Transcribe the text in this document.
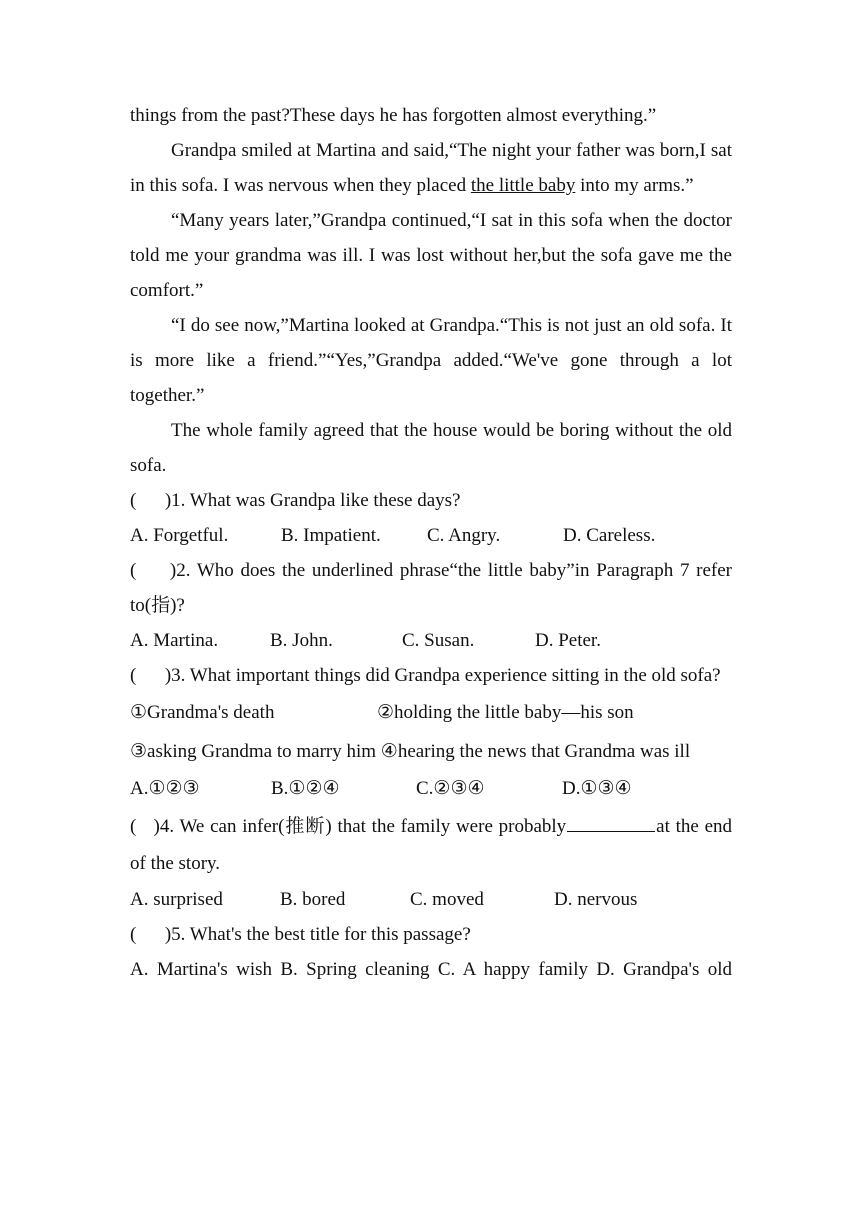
things from the past?These days he has forgotten almost everything.”

Grandpa smiled at Martina and said,“The night your father was born,I sat in this sofa. I was nervous when they placed the little baby into my arms.”

“Many years later,”Grandpa continued,“I sat in this sofa when the doctor told me your grandma was ill. I was lost without her,but the sofa gave me the comfort.”

“I do see now,”Martina looked at Grandpa.“This is not just an old sofa. It is more like a friend.”“Yes,”Grandpa added.“We've gone through a lot together.”

The whole family agreed that the house would be boring without the old sofa.

(      )1. What was Grandpa like these days?

A. Forgetful.	B. Impatient. C. Angry.	D. Careless.

(     )2. Who does the underlined phrase“the little baby”in Paragraph 7 refer to(指)?

A. Martina.	B. John.	C. Susan.	D. Peter.

(      )3. What important things did Grandpa experience sitting in the old sofa?

①Grandma's death	②holding the little baby—his son

③asking Grandma to marry him ④hearing the news that Grandma was ill

A.①②③	B.①②④	C.②③④	D.①③④

(   )4. We can infer(推断) that the family were probably	at the end of the story.

A. surprised	B. bored	C. moved	D. nervous

(      )5. What's the best title for this passage?

A. Martina's wish B. Spring cleaning C. A happy family D. Grandpa's old
